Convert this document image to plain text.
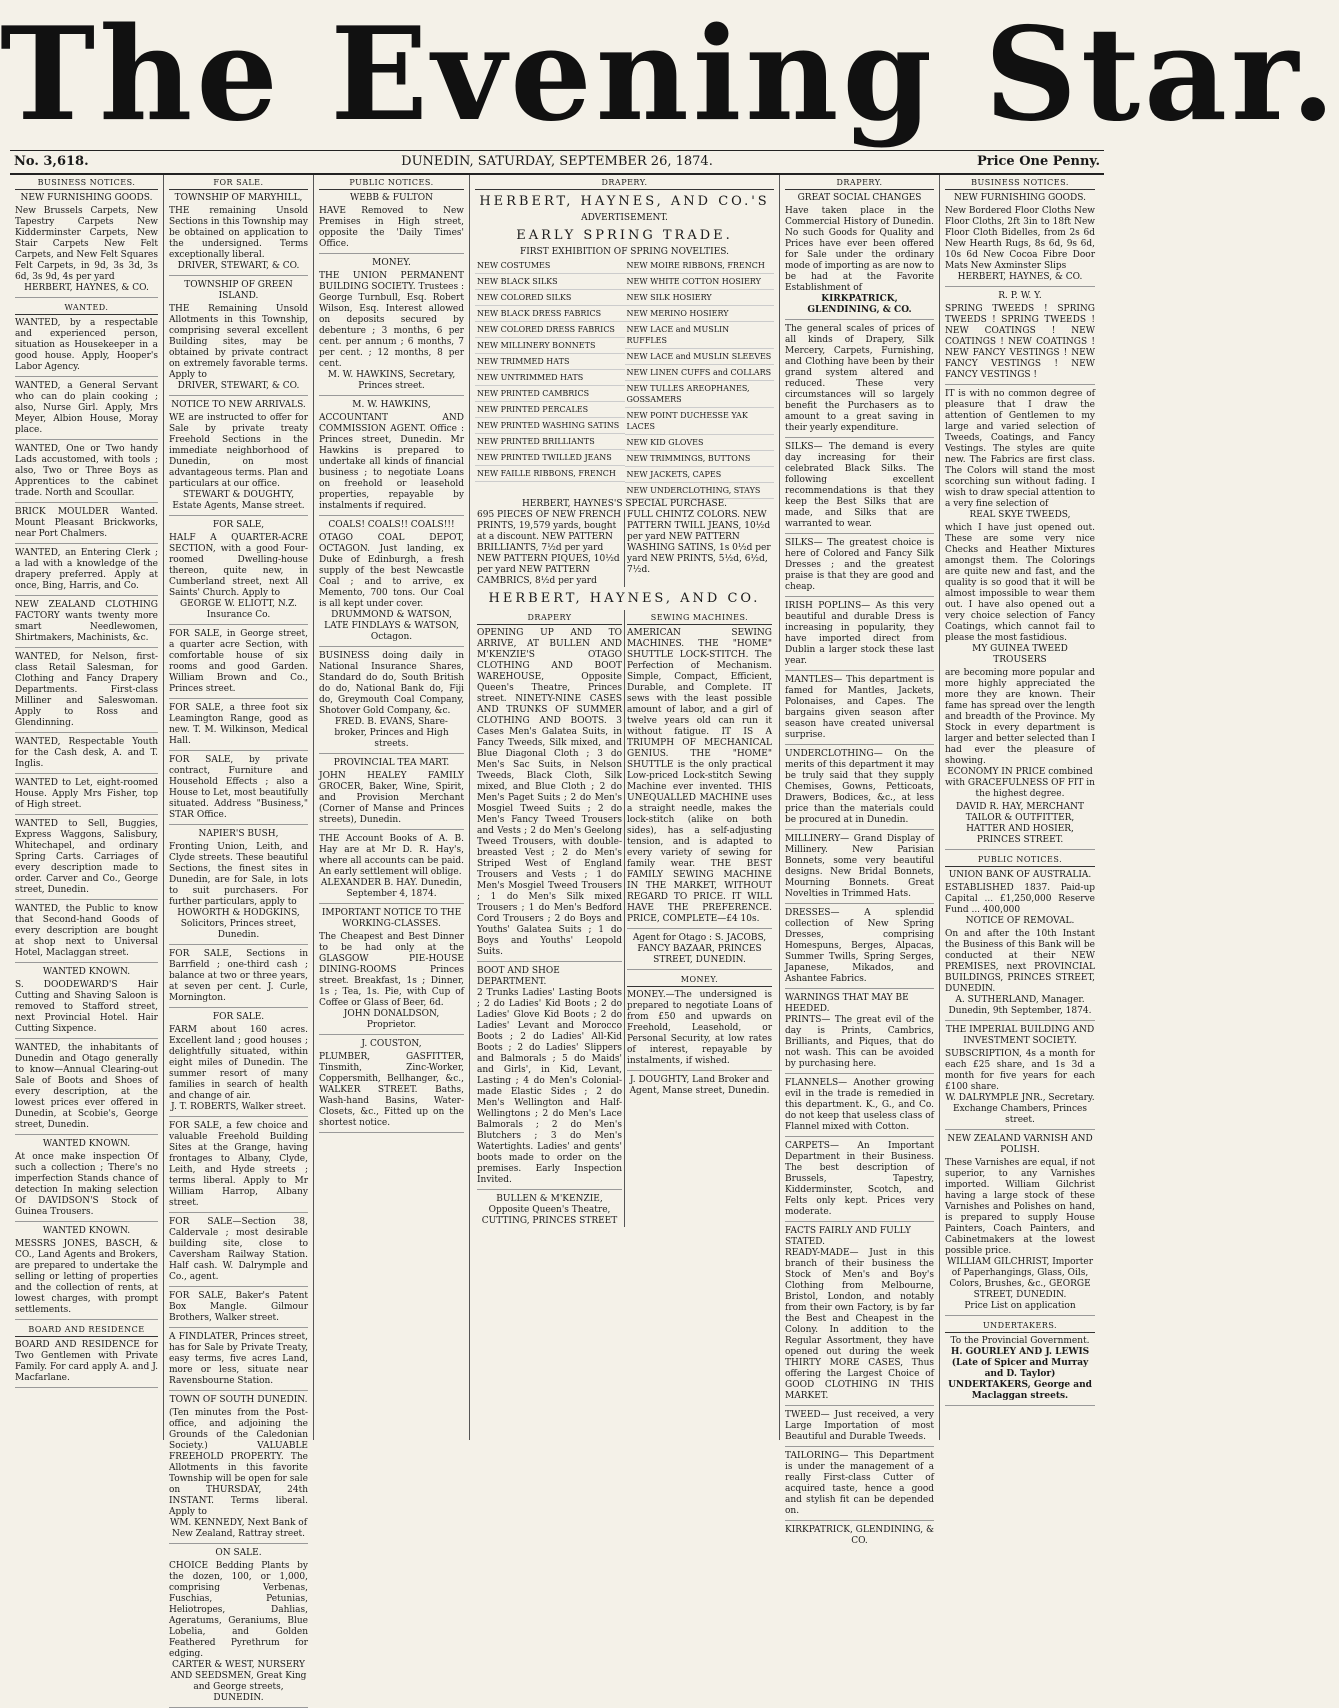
The Evening Star.
No. 3,618.	DUNEDIN, SATURDAY, SEPTEMBER 26, 1874.	Price One Penny.
BUSINESS NOTICES.
NEW FURNISHING GOODS.
New Brussels Carpets, New Tapestry Carpets New Kidderminster Carpets, New Stair Carpets New Felt Carpets, and New Felt Squares Felt Carpets, in 9d, 3s 3d, 3s 6d, 3s 9d, 4s per yard
HERBERT, HAYNES, & CO.
WANTED.
WANTED, by a respectable and experienced person, situation as Housekeeper in a good house. Apply, Hooper's Labor Agency.
WANTED, a General Servant who can do plain cooking ; also, Nurse Girl. Apply, Mrs Meyer, Albion House, Moray place.
WANTED, One or Two handy Lads accustomed, with tools ; also, Two or Three Boys as Apprentices to the cabinet trade. North and Scoullar.
BRICK MOULDER Wanted. Mount Pleasant Brickworks, near Port Chalmers.
WANTED, an Entering Clerk ; a lad with a knowledge of the drapery preferred. Apply at once, Bing, Harris, and Co.
NEW ZEALAND CLOTHING FACTORY wants twenty more smart Needlewomen, Shirtmakers, Machinists, &c.
WANTED, for Nelson, first-class Retail Salesman, for Clothing and Fancy Drapery Departments. First-class Milliner and Saleswoman. Apply to Ross and Glendinning.
WANTED, Respectable Youth for the Cash desk, A. and T. Inglis.
WANTED to Let, eight-roomed House. Apply Mrs Fisher, top of High street.
WANTED to Sell, Buggies, Express Waggons, Salisbury, Whitechapel, and ordinary Spring Carts. Carriages of every description made to order. Carver and Co., George street, Dunedin.
WANTED, the Public to know that Second-hand Goods of every description are bought at shop next to Universal Hotel, Maclaggan street.
WANTED KNOWN.
S. DOODEWARD'S Hair Cutting and Shaving Saloon is removed to Stafford street, next Provincial Hotel. Hair Cutting Sixpence.
WANTED, the inhabitants of Dunedin and Otago generally to know—Annual Clearing-out Sale of Boots and Shoes of every description, at the lowest prices ever offered in Dunedin, at Scobie's, George street, Dunedin.
WANTED KNOWN.
At once make inspection Of such a collection ; There's no imperfection Stands chance of detection In making selection Of DAVIDSON'S Stock of Guinea Trousers.
WANTED KNOWN.
MESSRS JONES, BASCH, & CO., Land Agents and Brokers, are prepared to undertake the selling or letting of properties and the collection of rents, at lowest charges, with prompt settlements.
BOARD AND RESIDENCE
BOARD AND RESIDENCE for Two Gentlemen with Private Family. For card apply A. and J. Macfarlane.
FOR SALE.
TOWNSHIP OF MARYHILL,
THE remaining Unsold Sections in this Township may be obtained on application to the undersigned. Terms exceptionally liberal.
DRIVER, STEWART, & CO.
TOWNSHIP OF GREEN ISLAND.
THE Remaining Unsold Allotments in this Township, comprising several excellent Building sites, may be obtained by private contract on extremely favorable terms. Apply to
DRIVER, STEWART, & CO.
NOTICE TO NEW ARRIVALS.
WE are instructed to offer for Sale by private treaty Freehold Sections in the immediate neighborhood of Dunedin, on most advantageous terms. Plan and particulars at our office.
STEWART & DOUGHTY, Estate Agents, Manse street.
FOR SALE,
HALF A QUARTER-ACRE SECTION, with a good Four-roomed Dwelling-house thereon, quite new, in Cumberland street, next All Saints' Church. Apply to
GEORGE W. ELIOTT, N.Z. Insurance Co.
FOR SALE, in George street, a quarter acre Section, with comfortable house of six rooms and good Garden. William Brown and Co., Princes street.
FOR SALE, a three foot six Leamington Range, good as new. T. M. Wilkinson, Medical Hall.
FOR SALE, by private contract, Furniture and Household Effects ; also a House to Let, most beautifully situated. Address "Business," STAR Office.
NAPIER'S BUSH,
Fronting Union, Leith, and Clyde streets. These beautiful Sections, the finest sites in Dunedin, are for Sale, in lots to suit purchasers. For further particulars, apply to
HOWORTH & HODGKINS, Solicitors, Princes street, Dunedin.
FOR SALE, Sections in Barrfield ; one-third cash ; balance at two or three years, at seven per cent. J. Curle, Mornington.
FOR SALE.
FARM about 160 acres. Excellent land ; good houses ; delightfully situated, within eight miles of Dunedin. The summer resort of many families in search of health and change of air.
J. T. ROBERTS, Walker street.
FOR SALE, a few choice and valuable Freehold Building Sites at the Grange, having frontages to Albany, Clyde, Leith, and Hyde streets ; terms liberal. Apply to Mr William Harrop, Albany street.
FOR SALE—Section 38, Caldervale ; most desirable building site, close to Caversham Railway Station. Half cash. W. Dalrymple and Co., agent.
FOR SALE, Baker's Patent Box Mangle. Gilmour Brothers, Walker street.
A FINDLATER, Princes street, has for Sale by Private Treaty, easy terms, five acres Land, more or less, situate near Ravensbourne Station.
TOWN OF SOUTH DUNEDIN.
(Ten minutes from the Post-office, and adjoining the Grounds of the Caledonian Society.) VALUABLE FREEHOLD PROPERTY. The Allotments in this favorite Township will be open for sale on THURSDAY, 24th INSTANT. Terms liberal. Apply to
WM. KENNEDY, Next Bank of New Zealand, Rattray street.
ON SALE.
CHOICE Bedding Plants by the dozen, 100, or 1,000, comprising Verbenas, Fuschias, Petunias, Heliotropes, Dahlias, Ageratums, Geraniums, Blue Lobelia, and Golden Feathered Pyrethrum for edging.
CARTER & WEST, NURSERY AND SEEDSMEN, Great King and George streets, DUNEDIN.
PUBLIC NOTICES.
WEBB & FULTON
HAVE Removed to New Premises in High street, opposite the 'Daily Times' Office.
MONEY.
THE UNION PERMANENT BUILDING SOCIETY. Trustees : George Turnbull, Esq. Robert Wilson, Esq. Interest allowed on deposits secured by debenture ; 3 months, 6 per cent. per annum ; 6 months, 7 per cent. ; 12 months, 8 per cent.
M. W. HAWKINS, Secretary, Princes street.
M. W. HAWKINS,
ACCOUNTANT AND COMMISSION AGENT. Office : Princes street, Dunedin. Mr Hawkins is prepared to undertake all kinds of financial business ; to negotiate Loans on freehold or leasehold properties, repayable by instalments if required.
COALS! COALS!! COALS!!!
OTAGO COAL DEPOT, OCTAGON. Just landing, ex Duke of Edinburgh, a fresh supply of the best Newcastle Coal ; and to arrive, ex Memento, 700 tons. Our Coal is all kept under cover.
DRUMMOND & WATSON, LATE FINDLAYS & WATSON, Octagon.
BUSINESS doing daily in National Insurance Shares, Standard do do, South British do do, National Bank do, Fiji do, Greymouth Coal Company, Shotover Gold Company, &c.
FRED. B. EVANS, Share-broker, Princes and High streets.
PROVINCIAL TEA MART.
JOHN HEALEY FAMILY GROCER, Baker, Wine, Spirit, and Provision Merchant (Corner of Manse and Princes streets), Dunedin.
THE Account Books of A. B. Hay are at Mr D. R. Hay's, where all accounts can be paid. An early settlement will oblige.
ALEXANDER B. HAY. Dunedin, September 4, 1874.
IMPORTANT NOTICE TO THE WORKING-CLASSES.
The Cheapest and Best Dinner to be had only at the GLASGOW PIE-HOUSE DINING-ROOMS Princes street. Breakfast, 1s ; Dinner, 1s ; Tea, 1s. Pie, with Cup of Coffee or Glass of Beer, 6d.
JOHN DONALDSON, Proprietor.
J. COUSTON,
PLUMBER, GASFITTER, Tinsmith, Zinc-Worker, Coppersmith, Bellhanger, &c., WALKER STREET. Baths, Wash-hand Basins, Water-Closets, &c., Fitted up on the shortest notice.
DRAPERY.
HERBERT, HAYNES, AND CO.'S
ADVERTISEMENT.
EARLY SPRING TRADE.
FIRST EXHIBITION OF SPRING NOVELTIES.
NEW COSTUMES
NEW BLACK SILKS
NEW COLORED SILKS
NEW BLACK DRESS FABRICS
NEW COLORED DRESS FABRICS
NEW MILLINERY BONNETS
NEW TRIMMED HATS
NEW UNTRIMMED HATS
NEW PRINTED CAMBRICS
NEW PRINTED PERCALES
NEW PRINTED WASHING SATINS
NEW PRINTED BRILLIANTS
NEW PRINTED TWILLED JEANS
NEW FAILLE RIBBONS, FRENCH
NEW MOIRE RIBBONS, FRENCH
NEW WHITE COTTON HOSIERY
NEW SILK HOSIERY
NEW MERINO HOSIERY
NEW LACE and MUSLIN RUFFLES
NEW LACE and MUSLIN SLEEVES
NEW LINEN CUFFS and COLLARS
NEW TULLES AREOPHANES, GOSSAMERS
NEW POINT DUCHESSE YAK LACES
NEW KID GLOVES
NEW TRIMMINGS, BUTTONS
NEW JACKETS, CAPES
NEW UNDERCLOTHING, STAYS
HERBERT, HAYNES'S SPECIAL PURCHASE.
695 PIECES OF NEW FRENCH PRINTS, 19,579 yards, bought at a discount. NEW PATTERN BRILLIANTS, 7½d per yard NEW PATTERN PIQUES, 10½d per yard NEW PATTERN CAMBRICS, 8½d per yard
FULL CHINTZ COLORS. NEW PATTERN TWILL JEANS, 10½d per yard NEW PATTERN WASHING SATINS, 1s 0½d per yard NEW PRINTS, 5½d, 6½d, 7½d.
HERBERT, HAYNES, AND CO.
DRAPERY
OPENING UP AND TO ARRIVE, AT BULLEN AND M'KENZIE'S OTAGO CLOTHING AND BOOT WAREHOUSE, Opposite Queen's Theatre, Princes street. NINETY-NINE CASES AND TRUNKS OF SUMMER CLOTHING AND BOOTS. 3 Cases Men's Galatea Suits, in Fancy Tweeds, Silk mixed, and Blue Diagonal Cloth ; 3 do Men's Sac Suits, in Nelson Tweeds, Black Cloth, Silk mixed, and Blue Cloth ; 2 do Men's Paget Suits ; 2 do Men's Mosgiel Tweed Suits ; 2 do Men's Fancy Tweed Trousers and Vests ; 2 do Men's Geelong Tweed Trousers, with double-breasted Vest ; 2 do Men's Striped West of England Trousers and Vests ; 1 do Men's Mosgiel Tweed Trousers ; 1 do Men's Silk mixed Trousers ; 1 do Men's Bedford Cord Trousers ; 2 do Boys and Youths' Galatea Suits ; 1 do Boys and Youths' Leopold Suits.
BOOT AND SHOE DEPARTMENT.
2 Trunks Ladies' Lasting Boots ; 2 do Ladies' Kid Boots ; 2 do Ladies' Glove Kid Boots ; 2 do Ladies' Levant and Morocco Boots ; 2 do Ladies' All-Kid Boots ; 2 do Ladies' Slippers and Balmorals ; 5 do Maids' and Girls', in Kid, Levant, Lasting ; 4 do Men's Colonial-made Elastic Sides ; 2 do Men's Wellington and Half-Wellingtons ; 2 do Men's Lace Balmorals ; 2 do Men's Blutchers ; 3 do Men's Watertights. Ladies' and gents' boots made to order on the premises. Early Inspection Invited.
BULLEN & M'KENZIE, Opposite Queen's Theatre, CUTTING, PRINCES STREET
SEWING MACHINES.
AMERICAN SEWING MACHINES. THE "HOME" SHUTTLE LOCK-STITCH. The Perfection of Mechanism. Simple, Compact, Efficient, Durable, and Complete. IT sews with the least possible amount of labor, and a girl of twelve years old can run it without fatigue. IT IS A TRIUMPH OF MECHANICAL GENIUS. THE "HOME" SHUTTLE is the only practical Low-priced Lock-stitch Sewing Machine ever invented. THIS UNEQUALLED MACHINE uses a straight needle, makes the lock-stitch (alike on both sides), has a self-adjusting tension, and is adapted to every variety of sewing for family wear. THE BEST FAMILY SEWING MACHINE IN THE MARKET, WITHOUT REGARD TO PRICE. IT WILL HAVE THE PREFERENCE. PRICE, COMPLETE—£4 10s.
Agent for Otago : S. JACOBS, FANCY BAZAAR, PRINCES STREET, DUNEDIN.
MONEY.
MONEY.—The undersigned is prepared to negotiate Loans of from £50 and upwards on Freehold, Leasehold, or Personal Security, at low rates of interest, repayable by instalments, if wished.
J. DOUGHTY, Land Broker and Agent, Manse street, Dunedin.
DRAPERY.
GREAT SOCIAL CHANGES
Have taken place in the Commercial History of Dunedin. No such Goods for Quality and Prices have ever been offered for Sale under the ordinary mode of importing as are now to be had at the Favorite Establishment of
KIRKPATRICK, GLENDINING, & CO.
The general scales of prices of all kinds of Drapery, Silk Mercery, Carpets, Furnishing, and Clothing have been by their grand system altered and reduced. These very circumstances will so largely benefit the Purchasers as to amount to a great saving in their yearly expenditure.
SILKS— The demand is every day increasing for their celebrated Black Silks. The following excellent recommendations is that they keep the Best Silks that are made, and Silks that are warranted to wear.
SILKS— The greatest choice is here of Colored and Fancy Silk Dresses ; and the greatest praise is that they are good and cheap.
IRISH POPLINS— As this very beautiful and durable Dress is increasing in popularity, they have imported direct from Dublin a larger stock these last year.
MANTLES— This department is famed for Mantles, Jackets, Polonaises, and Capes. The bargains given season after season have created universal surprise.
UNDERCLOTHING— On the merits of this department it may be truly said that they supply Chemises, Gowns, Petticoats, Drawers, Bodices, &c., at less price than the materials could be procured at in Dunedin.
MILLINERY— Grand Display of Millinery. New Parisian Bonnets, some very beautiful designs. New Bridal Bonnets, Mourning Bonnets. Great Novelties in Trimmed Hats.
DRESSES— A splendid collection of New Spring Dresses, comprising Homespuns, Berges, Alpacas, Summer Twills, Spring Serges, Japanese, Mikados, and Ashantee Fabrics.
WARNINGS THAT MAY BE HEEDED.
PRINTS— The great evil of the day is Prints, Cambrics, Brilliants, and Piques, that do not wash. This can be avoided by purchasing here.
FLANNELS— Another growing evil in the trade is remedied in this department. K., G., and Co. do not keep that useless class of Flannel mixed with Cotton.
CARPETS— An Important Department in their Business. The best description of Brussels, Tapestry, Kidderminster, Scotch, and Felts only kept. Prices very moderate.
FACTS FAIRLY AND FULLY STATED.
READY-MADE— Just in this branch of their business the Stock of Men's and Boy's Clothing from Melbourne, Bristol, London, and notably from their own Factory, is by far the Best and Cheapest in the Colony. In addition to the Regular Assortment, they have opened out during the week THIRTY MORE CASES, Thus offering the Largest Choice of GOOD CLOTHING IN THIS MARKET.
TWEED— Just received, a very Large Importation of most Beautiful and Durable Tweeds.
TAILORING— This Department is under the management of a really First-class Cutter of acquired taste, hence a good and stylish fit can be depended on.
KIRKPATRICK, GLENDINING, & CO.
BUSINESS NOTICES.
NEW FURNISHING GOODS.
New Bordered Floor Cloths New Floor Cloths, 2ft 3in to 18ft New Floor Cloth Bidelles, from 2s 6d New Hearth Rugs, 8s 6d, 9s 6d, 10s 6d New Cocoa Fibre Door Mats New Axminster Slips
HERBERT, HAYNES, & CO.
R. P. W. Y.
SPRING TWEEDS ! SPRING TWEEDS ! SPRING TWEEDS ! NEW COATINGS ! NEW COATINGS ! NEW COATINGS ! NEW FANCY VESTINGS ! NEW FANCY VESTINGS ! NEW FANCY VESTINGS !
IT is with no common degree of pleasure that I draw the attention of Gentlemen to my large and varied selection of Tweeds, Coatings, and Fancy Vestings. The styles are quite new. The Fabrics are first class. The Colors will stand the most scorching sun without fading. I wish to draw special attention to a very fine selection of
REAL SKYE TWEEDS,
which I have just opened out. These are some very nice Checks and Heather Mixtures amongst them. The Colorings are quite new and fast, and the quality is so good that it will be almost impossible to wear them out. I have also opened out a very choice selection of Fancy Coatings, which cannot fail to please the most fastidious.
MY GUINEA TWEED TROUSERS
are becoming more popular and more highly appreciated the more they are known. Their fame has spread over the length and breadth of the Province. My Stock in every department is larger and better selected than I had ever the pleasure of showing.
ECONOMY IN PRICE combined with GRACEFULNESS OF FIT in the highest degree.
DAVID R. HAY, MERCHANT TAILOR & OUTFITTER, HATTER AND HOSIER, PRINCES STREET.
PUBLIC NOTICES.
UNION BANK OF AUSTRALIA.
ESTABLISHED 1837. Paid-up Capital ... £1,250,000 Reserve Fund ... 400,000
NOTICE OF REMOVAL.
On and after the 10th Instant the Business of this Bank will be conducted at their NEW PREMISES, next PROVINCIAL BUILDINGS, PRINCES STREET, DUNEDIN.
A. SUTHERLAND, Manager. Dunedin, 9th September, 1874.
THE IMPERIAL BUILDING AND INVESTMENT SOCIETY.
SUBSCRIPTION, 4s a month for each £25 share, and 1s 3d a month for five years for each £100 share.
W. DALRYMPLE JNR., Secretary. Exchange Chambers, Princes street.
NEW ZEALAND VARNISH AND POLISH.
These Varnishes are equal, if not superior, to any Varnishes imported. William Gilchrist having a large stock of these Varnishes and Polishes on hand, is prepared to supply House Painters, Coach Painters, and Cabinetmakers at the lowest possible price.
WILLIAM GILCHRIST, Importer of Paperhangings, Glass, Oils, Colors, Brushes, &c., GEORGE STREET, DUNEDIN.
Price List on application
UNDERTAKERS.
To the Provincial Government.
H. GOURLEY AND J. LEWIS (Late of Spicer and Murray and D. Taylor) UNDERTAKERS, George and Maclaggan streets.
